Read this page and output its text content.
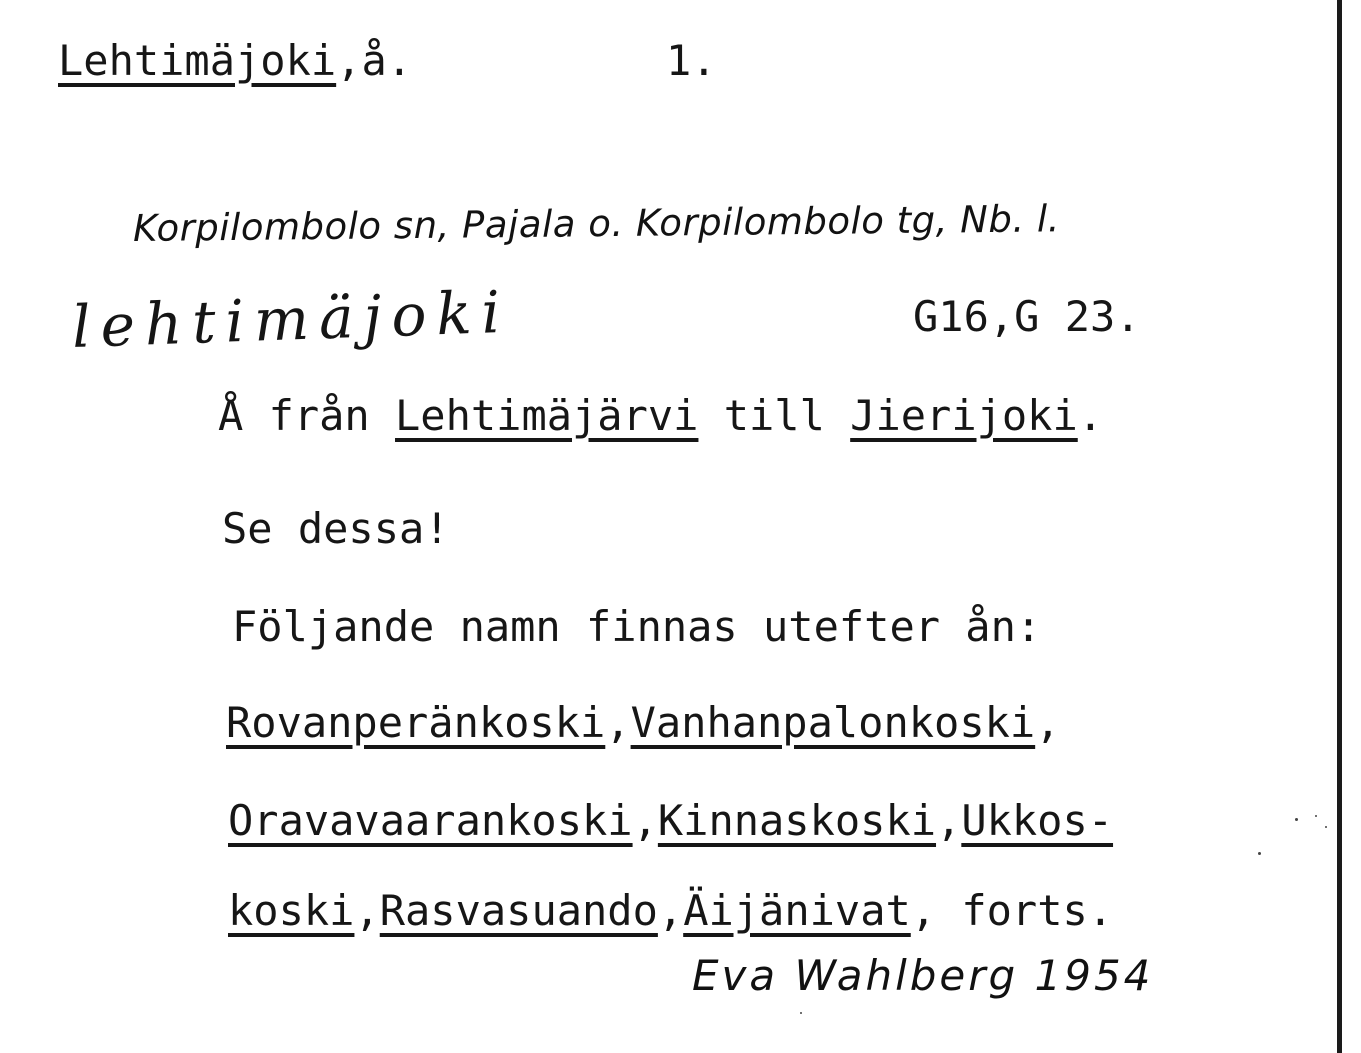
Lehtimäjoki,å.	1.
Korpilombolo sn, Pajala o. Korpilombolo tg, Nb. l.
lehtimäjoki	G16,G 23.
Å från Lehtimäjärvi till Jierijoki.
Se dessa!
Följande namn finnas utefter ån:
Rovanperänkoski,Vanhanpalonkoski,
Oravavaarankoski,Kinnaskoski,Ukkos-
koski,Rasvasuando,Äijänivat, forts.
Eva Wahlberg 1954
